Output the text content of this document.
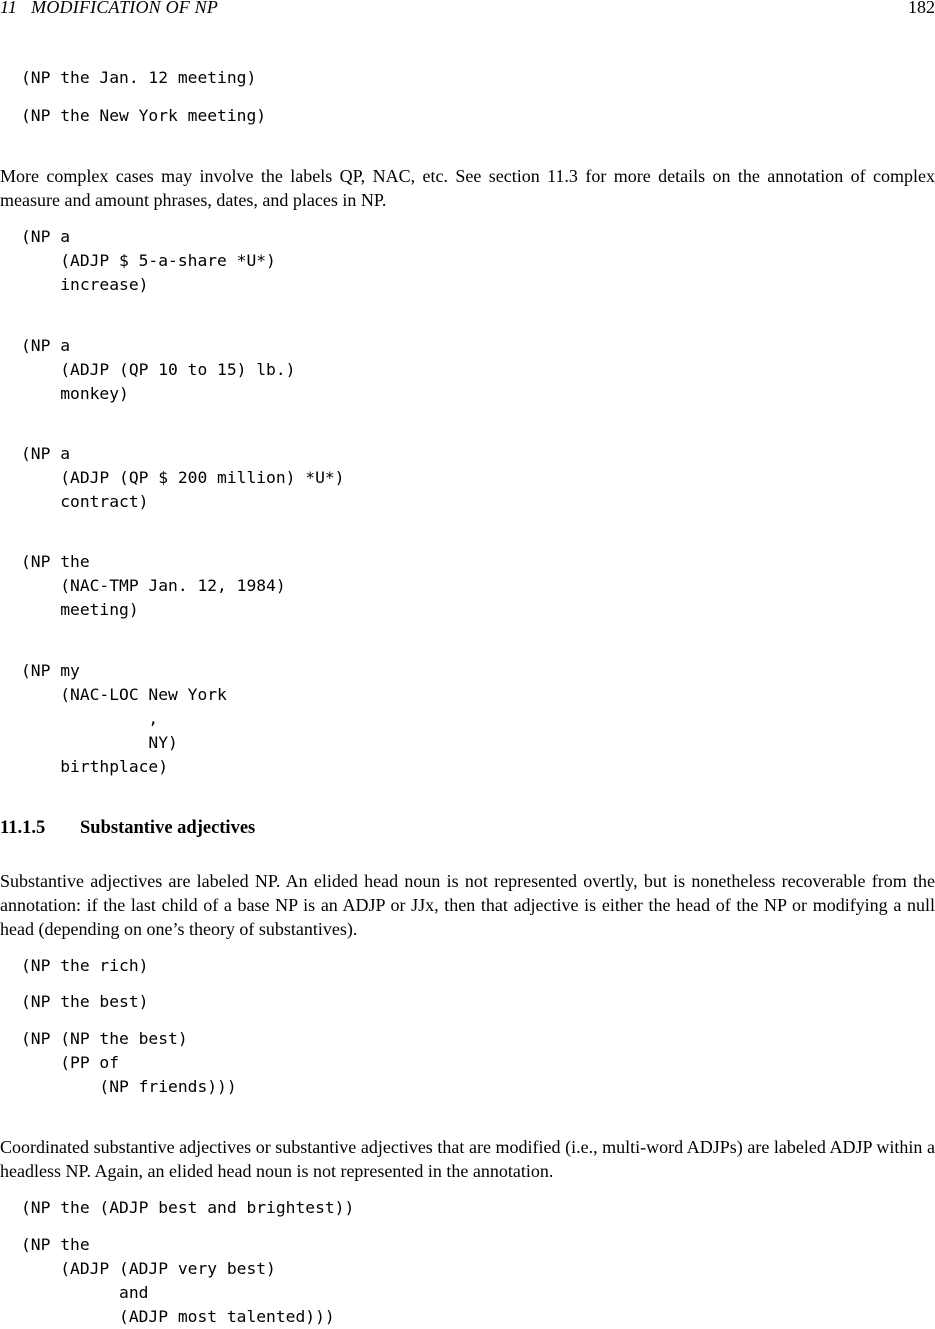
11   MODIFICATION OF NP	182
(NP the Jan. 12 meeting)
(NP the New York meeting)

More complex cases may involve the labels QP, NAC, etc. See section 11.3 for more details on the annotation of complex measure and amount phrases, dates, and places in NP.

(NP a
(ADJP $ 5-a-share *U*)
increase)
(NP a
(ADJP (QP 10 to 15) lb.)
monkey)
(NP a
(ADJP (QP $ 200 million) *U*)
contract)
(NP the
(NAC-TMP Jan. 12, 1984)
meeting)
(NP my
(NAC-LOC New York
,
NY)
birthplace)
11.1.5 Substantive adjectives

Substantive adjectives are labeled NP. An elided head noun is not represented overtly, but is nonetheless recoverable from the annotation: if the last child of a base NP is an ADJP or JJx, then that adjective is either the head of the NP or modifying a null head (depending on one’s theory of substantives).

(NP the rich)
(NP the best)
(NP (NP the best)
(PP of
(NP friends)))

Coordinated substantive adjectives or substantive adjectives that are modified (i.e., multi-word ADJPs) are labeled ADJP within a headless NP. Again, an elided head noun is not represented in the annotation.

(NP the (ADJP best and brightest))
(NP the
(ADJP (ADJP very best)
and
(ADJP most talented)))
